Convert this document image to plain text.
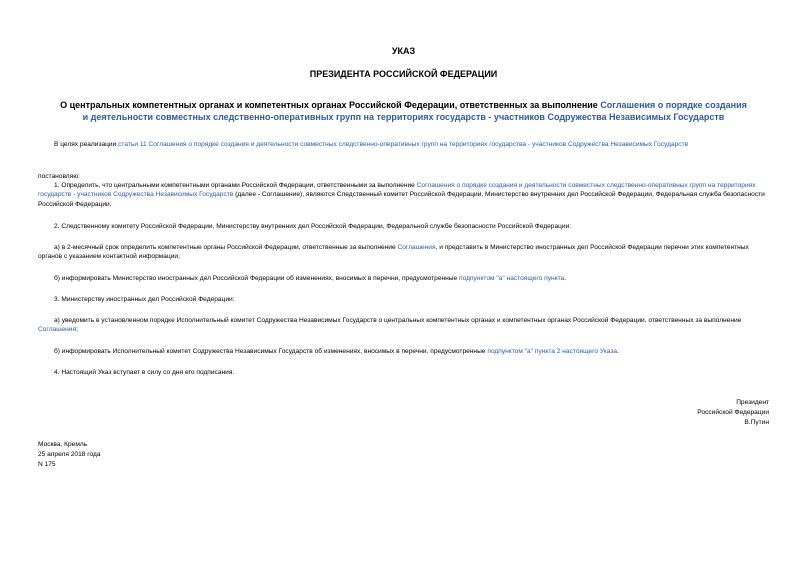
УКАЗ
ПРЕЗИДЕНТА РОССИЙСКОЙ ФЕДЕРАЦИИ
О центральных компетентных органах и компетентных органах Российской Федерации, ответственных за выполнение Соглашения о порядке создания и деятельности совместных следственно-оперативных групп на территориях государств - участников Содружества Независимых Государств
В целях реализации статьи 11 Соглашения о порядке создания и деятельности совместных следственно-оперативных групп на территориях государства - участников Содружества Независимых Государств
постановляю:
1. Определить, что центральными компетентными органами Российской Федерации, ответственными за выполнение Соглашения о порядке создания и деятельности совместных следственно-оперативных групп на территориях государств - участников Содружества Независимых Государств (далее - Соглашение), являются Следственный комитет Российской Федерации, Министерство внутренних дел Российской Федерации, Федеральная служба безопасности Российской Федерации.
2. Следственному комитету Российской Федерации, Министерству внутренних дел Российской Федерации, Федеральной службе безопасности Российской Федерации:
а) в 2-месячный срок определить компетентные органы Российской Федерации, ответственные за выполнение Соглашения, и представить в Министерство иностранных дел Российской Федерации перечни этих компетентных органов с указанием контактной информации;
б) информировать Министерство иностранных дел Российской Федерации об изменениях, вносимых в перечни, предусмотренные подпунктом "а" настоящего пункта.
3. Министерству иностранных дел Российской Федерации:
а) уведомить в установленном порядке Исполнительный комитет Содружества Независимых Государств о центральных компетентных органах и компетентных органах Российской Федерации, ответственных за выполнение Соглашения;
б) информировать Исполнительный комитет Содружества Независимых Государств об изменениях, вносимых в перечни, предусмотренные подпунктом "а" пункта 2 настоящего Указа.
4. Настоящий Указ вступает в силу со дня его подписания.
Президент
Российской Федерации
В.Путин
Москва, Кремль
25 апреля 2018 года
N 175
